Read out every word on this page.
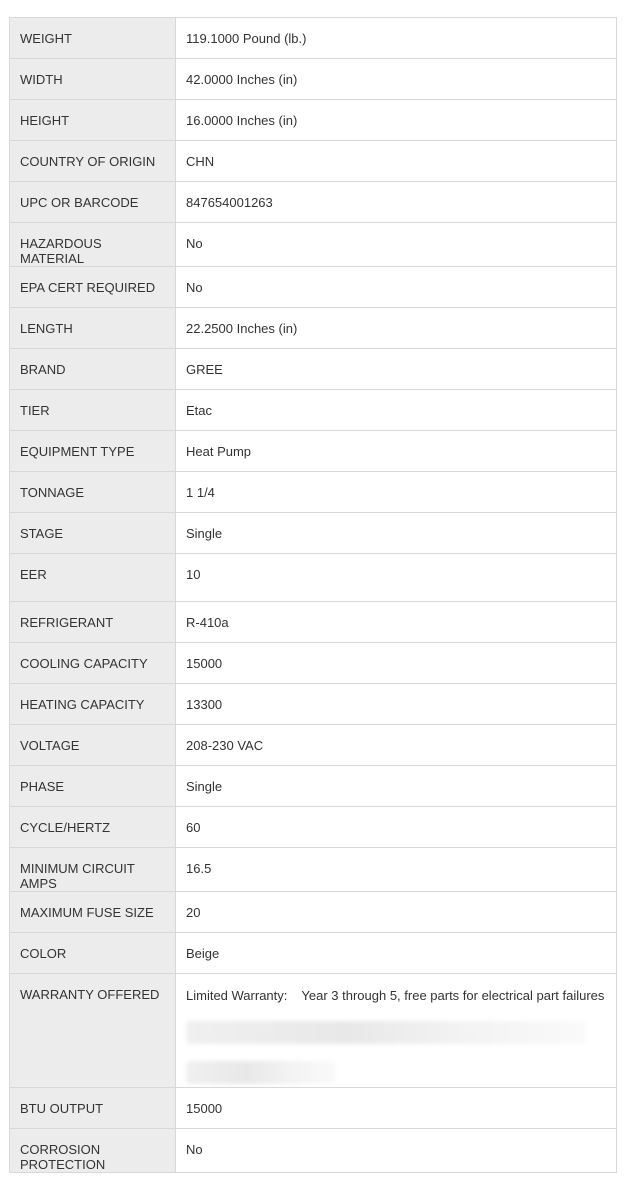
WEIGHT	119.1000 Pound (lb.)
WIDTH	42.0000 Inches (in)
HEIGHT	16.0000 Inches (in)
COUNTRY OF ORIGIN	CHN
UPC OR BARCODE	847654001263
HAZARDOUS MATERIAL	No
EPA CERT REQUIRED	No
LENGTH	22.2500 Inches (in)
BRAND	GREE
TIER	Etac
EQUIPMENT TYPE	Heat Pump
TONNAGE	1 1/4
STAGE	Single
EER	10
REFRIGERANT	R-410a
COOLING CAPACITY	15000
HEATING CAPACITY	13300
VOLTAGE	208-230 VAC
PHASE	Single
CYCLE/HERTZ	60
MINIMUM CIRCUIT AMPS	16.5
MAXIMUM FUSE SIZE	20
COLOR	Beige
WARRANTY OFFERED	Limited Warranty: Year 3 through 5, free parts for electrical part failures
BTU OUTPUT	15000
CORROSION PROTECTION	No
